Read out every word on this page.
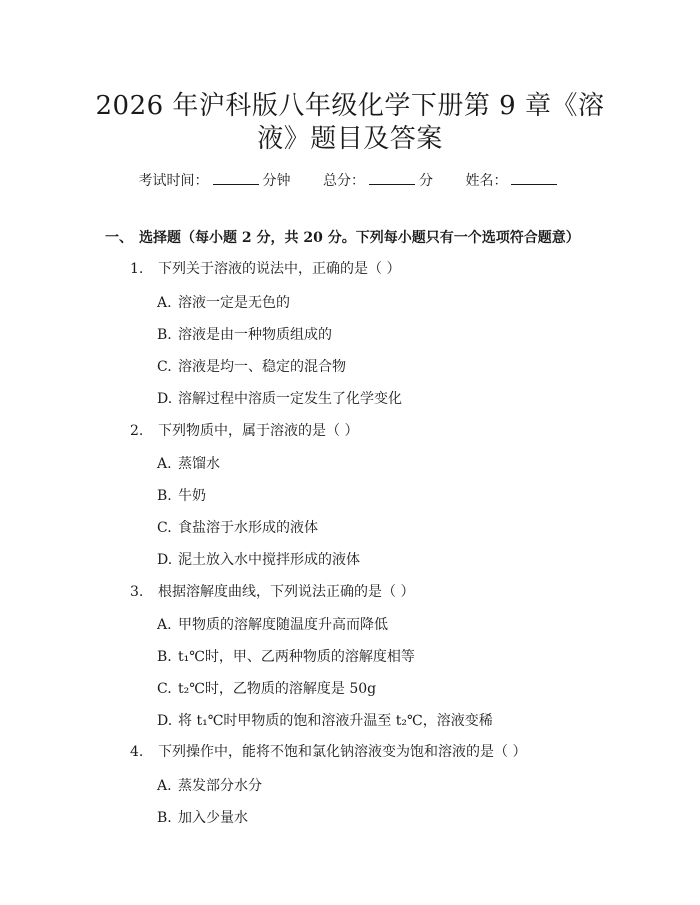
2026 年沪科版八年级化学下册第 9 章《溶
液》题目及答案
考试时间：	分钟 总分：	分 姓名：
一、 选择题（每小题 2 分，共 20 分。下列每小题只有一个选项符合题意）
1. 下列关于溶液的说法中，正确的是（ ）
A. 溶液一定是无色的
B. 溶液是由一种物质组成的
C. 溶液是均一、稳定的混合物
D. 溶解过程中溶质一定发生了化学变化
2. 下列物质中，属于溶液的是（ ）
A. 蒸馏水
B. 牛奶
C. 食盐溶于水形成的液体
D. 泥土放入水中搅拌形成的液体
3. 根据溶解度曲线，下列说法正确的是（ ）
A. 甲物质的溶解度随温度升高而降低
B. t₁℃时，甲、乙两种物质的溶解度相等
C. t₂℃时，乙物质的溶解度是 50g
D. 将 t₁℃时甲物质的饱和溶液升温至 t₂℃，溶液变稀
4. 下列操作中，能将不饱和氯化钠溶液变为饱和溶液的是（ ）
A. 蒸发部分水分
B. 加入少量水
